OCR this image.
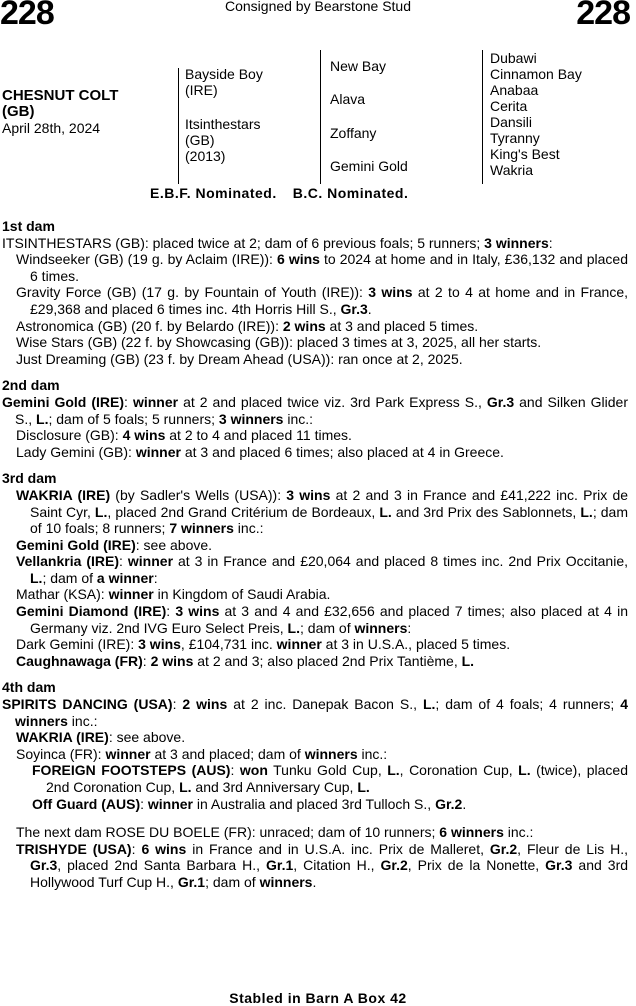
228	Consigned by Bearstone Stud	228
CHESNUT COLT
(GB)
April 28th, 2024
Bayside Boy
(IRE)
Itsinthestars
(GB)
(2013)
New Bay
Alava
Zoffany
Gemini Gold
Dubawi
Cinnamon Bay
Anabaa
Cerita
Dansili
Tyranny
King's Best
Wakria
E.B.F. Nominated. B.C. Nominated.

1st dam

ITSINTHESTARS (GB): placed twice at 2; dam of 6 previous foals; 5 runners; 3 winners:

Windseeker (GB) (19 g. by Aclaim (IRE)): 6 wins to 2024 at home and in Italy, £36,132 and placed 6 times.

Gravity Force (GB) (17 g. by Fountain of Youth (IRE)): 3 wins at 2 to 4 at home and in France, £29,368 and placed 6 times inc. 4th Horris Hill S., Gr.3.

Astronomica (GB) (20 f. by Belardo (IRE)): 2 wins at 3 and placed 5 times.

Wise Stars (GB) (22 f. by Showcasing (GB)): placed 3 times at 3, 2025, all her starts.

Just Dreaming (GB) (23 f. by Dream Ahead (USA)): ran once at 2, 2025.

2nd dam

Gemini Gold (IRE): winner at 2 and placed twice viz. 3rd Park Express S., Gr.3 and Silken Glider S., L.; dam of 5 foals; 5 runners; 3 winners inc.:

Disclosure (GB): 4 wins at 2 to 4 and placed 11 times.

Lady Gemini (GB): winner at 3 and placed 6 times; also placed at 4 in Greece.

3rd dam

WAKRIA (IRE) (by Sadler's Wells (USA)): 3 wins at 2 and 3 in France and £41,222 inc. Prix de Saint Cyr, L., placed 2nd Grand Critérium de Bordeaux, L. and 3rd Prix des Sablonnets, L.; dam of 10 foals; 8 runners; 7 winners inc.:

Gemini Gold (IRE): see above.

Vellankria (IRE): winner at 3 in France and £20,064 and placed 8 times inc. 2nd Prix Occitanie, L.; dam of a winner:

Mathar (KSA): winner in Kingdom of Saudi Arabia.

Gemini Diamond (IRE): 3 wins at 3 and 4 and £32,656 and placed 7 times; also placed at 4 in Germany viz. 2nd IVG Euro Select Preis, L.; dam of winners:

Dark Gemini (IRE): 3 wins, £104,731 inc. winner at 3 in U.S.A., placed 5 times.

Caughnawaga (FR): 2 wins at 2 and 3; also placed 2nd Prix Tantième, L.

4th dam

SPIRITS DANCING (USA): 2 wins at 2 inc. Danepak Bacon S., L.; dam of 4 foals; 4 runners; 4 winners inc.:

WAKRIA (IRE): see above.

Soyinca (FR): winner at 3 and placed; dam of winners inc.:

FOREIGN FOOTSTEPS (AUS): won Tunku Gold Cup, L., Coronation Cup, L. (twice), placed 2nd Coronation Cup, L. and 3rd Anniversary Cup, L.

Off Guard (AUS): winner in Australia and placed 3rd Tulloch S., Gr.2.

The next dam ROSE DU BOELE (FR): unraced; dam of 10 runners; 6 winners inc.:

TRISHYDE (USA): 6 wins in France and in U.S.A. inc. Prix de Malleret, Gr.2, Fleur de Lis H., Gr.3, placed 2nd Santa Barbara H., Gr.1, Citation H., Gr.2, Prix de la Nonette, Gr.3 and 3rd Hollywood Turf Cup H., Gr.1; dam of winners.

Stabled in Barn A Box 42
